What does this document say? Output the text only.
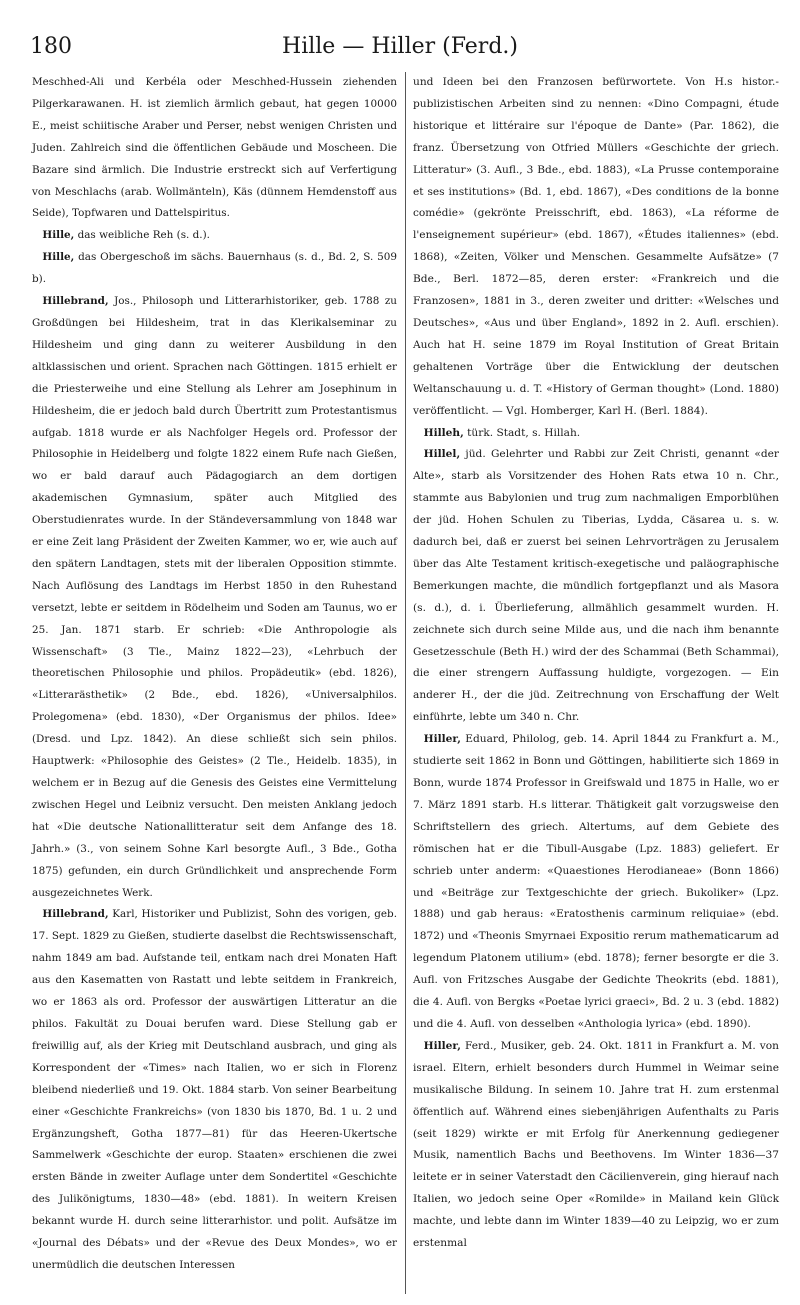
180	Hille — Hiller (Ferd.)

Meschhed-Ali und Kerbéla oder Meschhed-Hussein ziehenden Pilgerkarawanen. H. ist ziemlich ärmlich gebaut, hat gegen 10000 E., meist schiitische Araber und Perser, nebst wenigen Christen und Juden. Zahlreich sind die öffentlichen Gebäude und Moscheen. Die Bazare sind ärmlich. Die Industrie erstreckt sich auf Verfertigung von Meschlachs (arab. Wollmänteln), Käs (dünnem Hemdenstoff aus Seide), Topfwaren und Dattelspiritus.

 Hille, das weibliche Reh (s. d.).

 Hille, das Obergeschoß im sächs. Bauernhaus (s. d., Bd. 2, S. 509 b).

 Hillebrand, Jos., Philosoph und Litterarhistoriker, geb. 1788 zu Großdüngen bei Hildesheim, trat in das Klerikalseminar zu Hildesheim und ging dann zu weiterer Ausbildung in den altklassischen und orient. Sprachen nach Göttingen. 1815 erhielt er die Priesterweihe und eine Stellung als Lehrer am Josephinum in Hildesheim, die er jedoch bald durch Übertritt zum Protestantismus aufgab. 1818 wurde er als Nachfolger Hegels ord. Professor der Philosophie in Heidelberg und folgte 1822 einem Rufe nach Gießen, wo er bald darauf auch Pädagogiarch an dem dortigen akademischen Gymnasium, später auch Mitglied des Oberstudienrates wurde. In der Ständeversammlung von 1848 war er eine Zeit lang Präsident der Zweiten Kammer, wo er, wie auch auf den spätern Landtagen, stets mit der liberalen Opposition stimmte. Nach Auflösung des Landtags im Herbst 1850 in den Ruhestand versetzt, lebte er seitdem in Rödelheim und Soden am Taunus, wo er 25. Jan. 1871 starb. Er schrieb: «Die Anthropologie als Wissenschaft» (3 Tle., Mainz 1822—23), «Lehrbuch der theoretischen Philosophie und philos. Propädeutik» (ebd. 1826), «Litterarästhetik» (2 Bde., ebd. 1826), «Universalphilos. Prolegomena» (ebd. 1830), «Der Organismus der philos. Idee» (Dresd. und Lpz. 1842). An diese schließt sich sein philos. Hauptwerk: «Philosophie des Geistes» (2 Tle., Heidelb. 1835), in welchem er in Bezug auf die Genesis des Geistes eine Vermittelung zwischen Hegel und Leibniz versucht. Den meisten Anklang jedoch hat «Die deutsche Nationallitteratur seit dem Anfange des 18. Jahrh.» (3., von seinem Sohne Karl besorgte Aufl., 3 Bde., Gotha 1875) gefunden, ein durch Gründlichkeit und ansprechende Form ausgezeichnetes Werk.

 Hillebrand, Karl, Historiker und Publizist, Sohn des vorigen, geb. 17. Sept. 1829 zu Gießen, studierte daselbst die Rechtswissenschaft, nahm 1849 am bad. Aufstande teil, entkam nach drei Monaten Haft aus den Kasematten von Rastatt und lebte seitdem in Frankreich, wo er 1863 als ord. Professor der auswärtigen Litteratur an die philos. Fakultät zu Douai berufen ward. Diese Stellung gab er freiwillig auf, als der Krieg mit Deutschland ausbrach, und ging als Korrespondent der «Times» nach Italien, wo er sich in Florenz bleibend niederließ und 19. Okt. 1884 starb. Von seiner Bearbeitung einer «Geschichte Frankreichs» (von 1830 bis 1870, Bd. 1 u. 2 und Ergänzungsheft, Gotha 1877—81) für das Heeren-Ukertsche Sammelwerk «Geschichte der europ. Staaten» erschienen die zwei ersten Bände in zweiter Auflage unter dem Sondertitel «Geschichte des Julikönigtums, 1830—48» (ebd. 1881). In weitern Kreisen bekannt wurde H. durch seine litterarhistor. und polit. Aufsätze im «Journal des Débats» und der «Revue des Deux Mondes», wo er unermüdlich die deutschen Interessen

und Ideen bei den Franzosen befürwortete. Von H.s histor.-publizistischen Arbeiten sind zu nennen: «Dino Compagni, étude historique et littéraire sur l'époque de Dante» (Par. 1862), die franz. Übersetzung von Otfried Müllers «Geschichte der griech. Litteratur» (3. Aufl., 3 Bde., ebd. 1883), «La Prusse contemporaine et ses institutions» (Bd. 1, ebd. 1867), «Des conditions de la bonne comédie» (gekrönte Preisschrift, ebd. 1863), «La réforme de l'enseignement supérieur» (ebd. 1867), «Études italiennes» (ebd. 1868), «Zeiten, Völker und Menschen. Gesammelte Aufsätze» (7 Bde., Berl. 1872—85, deren erster: «Frankreich und die Franzosen», 1881 in 3., deren zweiter und dritter: «Welsches und Deutsches», «Aus und über England», 1892 in 2. Aufl. erschien). Auch hat H. seine 1879 im Royal Institution of Great Britain gehaltenen Vorträge über die Entwicklung der deutschen Weltanschauung u. d. T. «History of German thought» (Lond. 1880) veröffentlicht. — Vgl. Homberger, Karl H. (Berl. 1884).

 Hilleh, türk. Stadt, s. Hillah.

 Hillel, jüd. Gelehrter und Rabbi zur Zeit Christi, genannt «der Alte», starb als Vorsitzender des Hohen Rats etwa 10 n. Chr., stammte aus Babylonien und trug zum nachmaligen Emporblühen der jüd. Hohen Schulen zu Tiberias, Lydda, Cäsarea u. s. w. dadurch bei, daß er zuerst bei seinen Lehrvorträgen zu Jerusalem über das Alte Testament kritisch-exegetische und paläographische Bemerkungen machte, die mündlich fortgepflanzt und als Masora (s. d.), d. i. Überlieferung, allmählich gesammelt wurden. H. zeichnete sich durch seine Milde aus, und die nach ihm benannte Gesetzesschule (Beth H.) wird der des Schammai (Beth Schammai), die einer strengern Auffassung huldigte, vorgezogen. — Ein anderer H., der die jüd. Zeitrechnung von Erschaffung der Welt einführte, lebte um 340 n. Chr.

 Hiller, Eduard, Philolog, geb. 14. April 1844 zu Frankfurt a. M., studierte seit 1862 in Bonn und Göttingen, habilitierte sich 1869 in Bonn, wurde 1874 Professor in Greifswald und 1875 in Halle, wo er 7. März 1891 starb. H.s litterar. Thätigkeit galt vorzugsweise den Schriftstellern des griech. Altertums, auf dem Gebiete des römischen hat er die Tibull-Ausgabe (Lpz. 1883) geliefert. Er schrieb unter anderm: «Quaestiones Herodianeae» (Bonn 1866) und «Beiträge zur Textgeschichte der griech. Bukoliker» (Lpz. 1888) und gab heraus: «Eratosthenis carminum reliquiae» (ebd. 1872) und «Theonis Smyrnaei Expositio rerum mathematicarum ad legendum Platonem utilium» (ebd. 1878); ferner besorgte er die 3. Aufl. von Fritzsches Ausgabe der Gedichte Theokrits (ebd. 1881), die 4. Aufl. von Bergks «Poetae lyrici graeci», Bd. 2 u. 3 (ebd. 1882) und die 4. Aufl. von desselben «Anthologia lyrica» (ebd. 1890).

 Hiller, Ferd., Musiker, geb. 24. Okt. 1811 in Frankfurt a. M. von israel. Eltern, erhielt besonders durch Hummel in Weimar seine musikalische Bildung. In seinem 10. Jahre trat H. zum erstenmal öffentlich auf. Während eines siebenjährigen Aufenthalts zu Paris (seit 1829) wirkte er mit Erfolg für Anerkennung gediegener Musik, namentlich Bachs und Beethovens. Im Winter 1836—37 leitete er in seiner Vaterstadt den Cäcilienverein, ging hierauf nach Italien, wo jedoch seine Oper «Romilde» in Mailand kein Glück machte, und lebte dann im Winter 1839—40 zu Leipzig, wo er zum erstenmal
